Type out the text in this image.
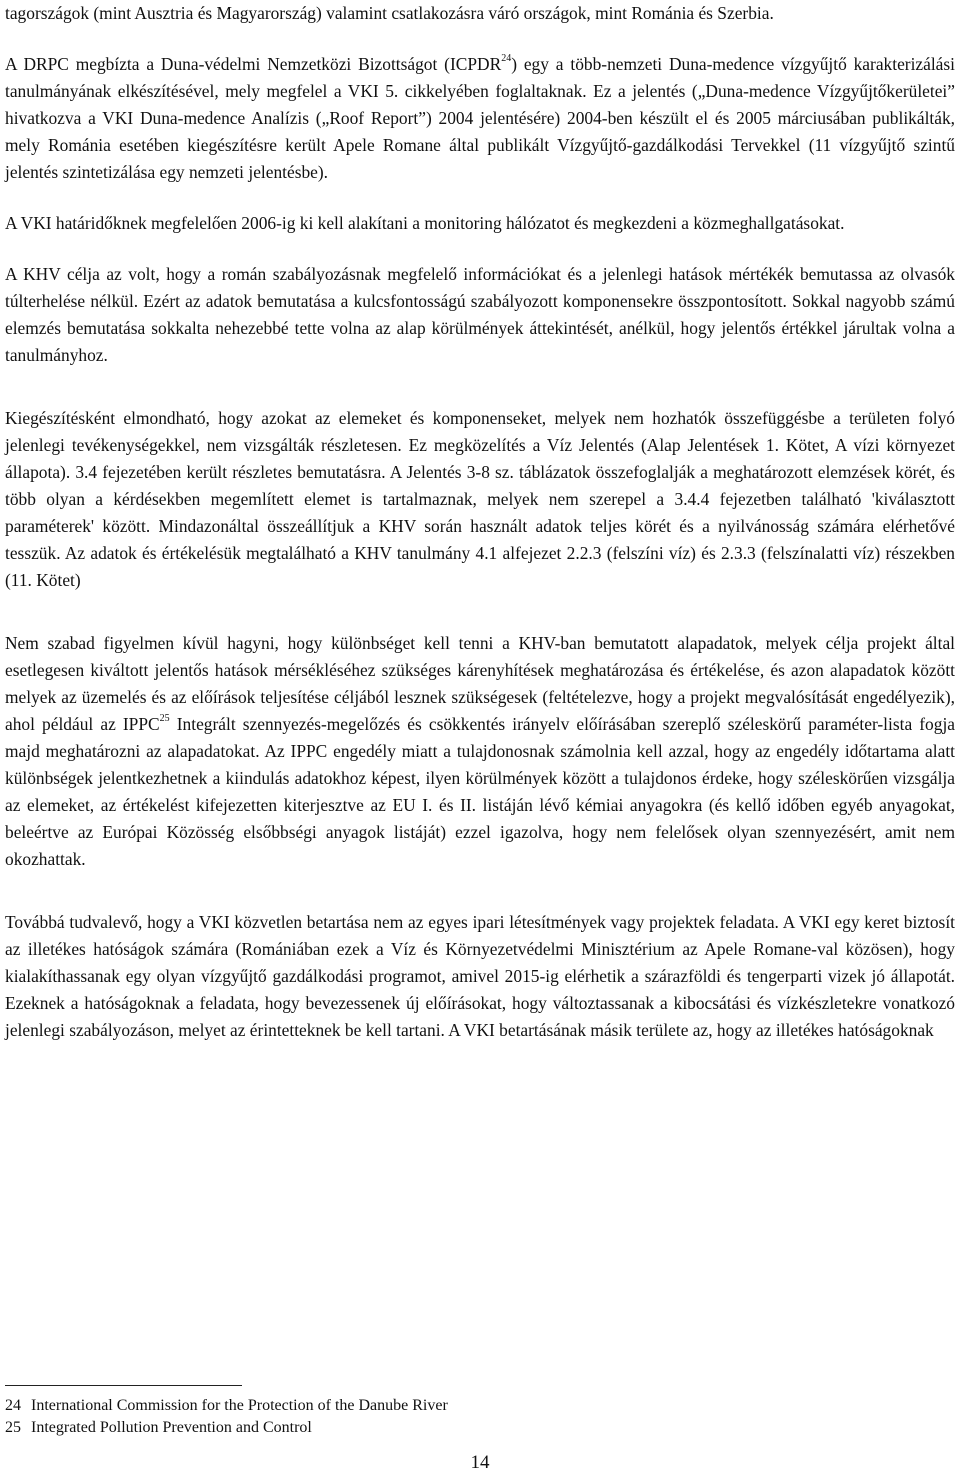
tagországok (mint Ausztria és Magyarország) valamint csatlakozásra váró országok, mint Románia és Szerbia.

A DRPC megbízta a Duna-védelmi Nemzetközi Bizottságot (ICPDR$^{24}$) egy a több-nemzeti Duna-medence vízgyűjtő karakterizálási tanulmányának elkészítésével, mely megfelel a VKI 5. cikkelyében foglaltaknak. Ez a jelentés („Duna-medence Vízgyűjtőkerületei” hivatkozva a VKI Duna-medence Analízis („Roof Report”) 2004 jelentésére) 2004-ben készült el és 2005 márciusában publikálták, mely Románia esetében kiegészítésre került Apele Romane által publikált Vízgyűjtő-gazdálkodási Tervekkel (11 vízgyűjtő szintű jelentés szintetizálása egy nemzeti jelentésbe).

A VKI határidőknek megfelelően 2006-ig ki kell alakítani a monitoring hálózatot és megkezdeni a közmeghallgatásokat.

A KHV célja az volt, hogy a román szabályozásnak megfelelő információkat és a jelenlegi hatások mértékék bemutassa az olvasók túlterhelése nélkül. Ezért az adatok bemutatása a kulcsfontosságú szabályozott komponensekre összpontosított. Sokkal nagyobb számú elemzés bemutatása sokkalta nehezebbé tette volna az alap körülmények áttekintését, anélkül, hogy jelentős értékkel járultak volna a tanulmányhoz.

Kiegészítésként elmondható, hogy azokat az elemeket és komponenseket, melyek nem hozhatók összefüggésbe a területen folyó jelenlegi tevékenységekkel, nem vizsgálták részletesen. Ez megközelítés a Víz Jelentés (Alap Jelentések 1. Kötet, A vízi környezet állapota). 3.4 fejezetében került részletes bemutatásra. A Jelentés 3-8 sz. táblázatok összefoglalják a meghatározott elemzések körét, és több olyan a kérdésekben megemlített elemet is tartalmaznak, melyek nem szerepel a 3.4.4 fejezetben található 'kiválasztott paraméterek' között. Mindazonáltal összeállítjuk a KHV során használt adatok teljes körét és a nyilvánosság számára elérhetővé tesszük. Az adatok és értékelésük megtalálható a KHV tanulmány 4.1 alfejezet 2.2.3 (felszíni víz) és 2.3.3 (felszínalatti víz) részekben (11. Kötet)

Nem szabad figyelmen kívül hagyni, hogy különbséget kell tenni a KHV-ban bemutatott alapadatok, melyek célja projekt által esetlegesen kiváltott jelentős hatások mérsékléséhez szükséges kárenyhítések meghatározása és értékelése, és azon alapadatok között melyek az üzemelés és az előírások teljesítése céljából lesznek szükségesek (feltételezve, hogy a projekt megvalósítását engedélyezik), ahol például az IPPC$^{25}$ Integrált szennyezés-megelőzés és csökkentés irányelv előírásában szereplő széleskörű paraméter-lista fogja majd meghatározni az alapadatokat. Az IPPC engedély miatt a tulajdonosnak számolnia kell azzal, hogy az engedély időtartama alatt különbségek jelentkezhetnek a kiindulás adatokhoz képest, ilyen körülmények között a tulajdonos érdeke, hogy széleskörűen vizsgálja az elemeket, az értékelést kifejezetten kiterjesztve az EU I. és II. listáján lévő kémiai anyagokra (és kellő időben egyéb anyagokat, beleértve az Európai Közösség elsőbbségi anyagok listáját) ezzel igazolva, hogy nem felelősek olyan szennyezésért, amit nem okozhattak.

Továbbá tudvalevő, hogy a VKI közvetlen betartása nem az egyes ipari létesítmények vagy projektek feladata. A VKI egy keret biztosít az illetékes hatóságok számára (Romániában ezek a Víz és Környezetvédelmi Minisztérium az Apele Romane-val közösen), hogy kialakíthassanak egy olyan vízgyűjtő gazdálkodási programot, amivel 2015-ig elérhetik a szárazföldi és tengerparti vizek jó állapotát. Ezeknek a hatóságoknak a feladata, hogy bevezessenek új előírásokat, hogy változtassanak a kibocsátási és vízkészletekre vonatkozó jelenlegi szabályozáson, melyet az érintetteknek be kell tartani. A VKI betartásának másik területe az, hogy az illetékes hatóságoknak

24 International Commission for the Protection of the Danube River

25 Integrated Pollution Prevention and Control

14
